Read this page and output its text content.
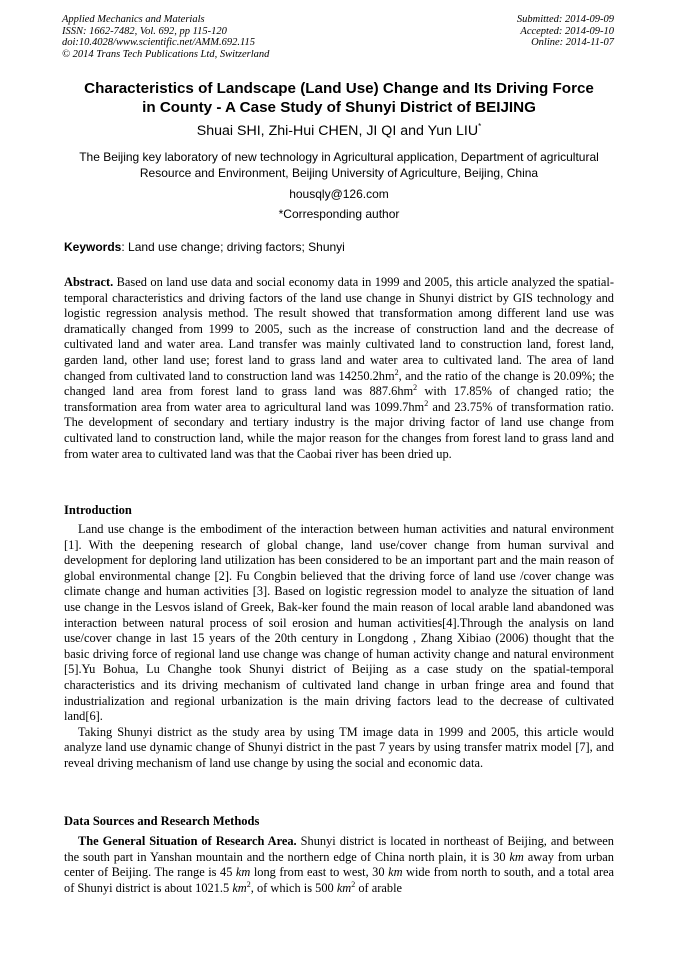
Applied Mechanics and Materials
ISSN: 1662-7482, Vol. 692, pp 115-120
doi:10.4028/www.scientific.net/AMM.692.115
© 2014 Trans Tech Publications Ltd, Switzerland
Submitted: 2014-09-09
Accepted: 2014-09-10
Online: 2014-11-07
Characteristics of Landscape (Land Use) Change and Its Driving Force
in County - A Case Study of Shunyi District of BEIJING
Shuai SHI, Zhi-Hui CHEN, JI QI and Yun LIU*
The Beijing key laboratory of new technology in Agricultural application, Department of agricultural
Resource and Environment, Beijing University of Agriculture, Beijing, China
housqly@126.com
*Corresponding author
Keywords: Land use change; driving factors; Shunyi

Abstract. Based on land use data and social economy data in 1999 and 2005, this article analyzed the spatial-temporal characteristics and driving factors of the land use change in Shunyi district by GIS technology and logistic regression analysis method. The result showed that transformation among different land use was dramatically changed from 1999 to 2005, such as the increase of construction land and the decrease of cultivated land and water area. Land transfer was mainly cultivated land to construction land, forest land, garden land, other land use; forest land to grass land and water area to cultivated land. The area of land changed from cultivated land to construction land was $14250.2hm^2$, and the ratio of the change is 20.09%; the changed land area from forest land to grass land was $887.6hm^2$ with 17.85% of changed ratio; the transformation area from water area to agricultural land was $1099.7hm^2$ and 23.75% of transformation ratio. The development of secondary and tertiary industry is the major driving factor of land use change from cultivated land to construction land, while the major reason for the changes from forest land to grass land and from water area to cultivated land was that the Caobai river has been dried up.

Introduction

Land use change is the embodiment of the interaction between human activities and natural environment [1]. With the deepening research of global change, land use/cover change from human survival and development for deploring land utilization has been considered to be an important part and the main reason of global environmental change [2]. Fu Congbin believed that the driving force of land use /cover change was climate change and human activities [3]. Based on logistic regression model to analyze the situation of land use change in the Lesvos island of Greek, Bak-ker found the main reason of local arable land abandoned was interaction between natural process of soil erosion and human activities[4].Through the analysis on land use/cover change in last 15 years of the 20th century in Longdong , Zhang Xibiao (2006) thought that the basic driving force of regional land use change was change of human activity change and natural environment [5].Yu Bohua, Lu Changhe took Shunyi district of Beijing as a case study on the spatial-temporal characteristics and its driving mechanism of cultivated land change in urban fringe area and found that industrialization and regional urbanization is the main driving factors lead to the decrease of cultivated land[6].

Taking Shunyi district as the study area by using TM image data in 1999 and 2005, this article would analyze land use dynamic change of Shunyi district in the past 7 years by using transfer matrix model [7], and reveal driving mechanism of land use change by using the social and economic data.

Data Sources and Research Methods

The General Situation of Research Area. Shunyi district is located in northeast of Beijing, and between the south part in Yanshan mountain and the northern edge of China north plain, it is 30 km away from urban center of Beijing. The range is 45 km long from east to west, 30 km wide from north to south, and a total area of Shunyi district is about 1021.5 $km^2$, of which is 500 $km^2$ of arable
